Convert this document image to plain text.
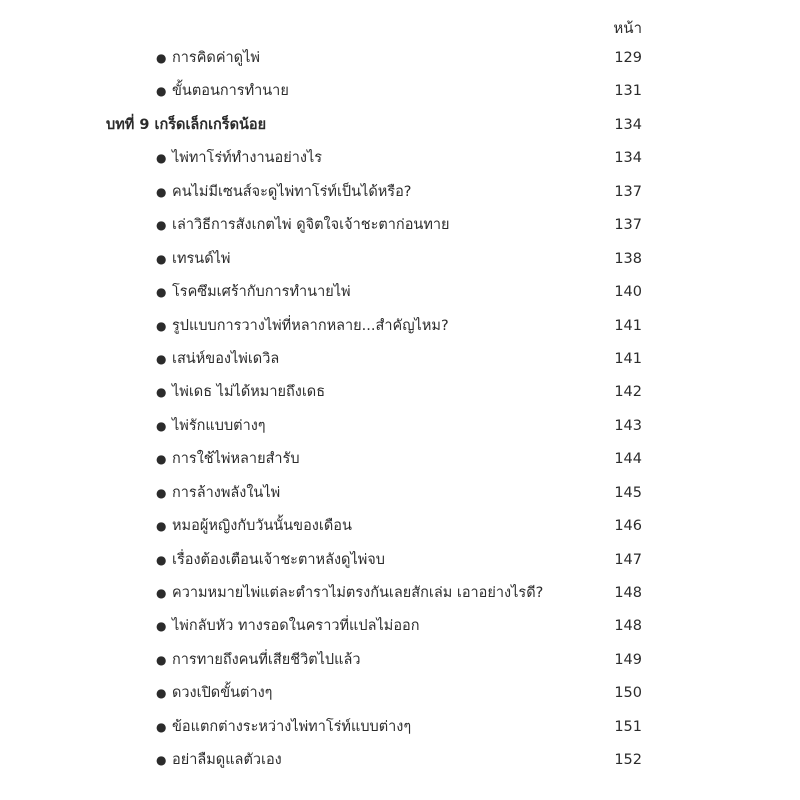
หน้า
● การคิดค่าดูไพ่	129
● ขั้นตอนการทำนาย	131
บทที่ 9 เกร็ดเล็กเกร็ดน้อย	134
● ไพ่ทาโร่ท์ทำงานอย่างไร	134
● คนไม่มีเซนส์จะดูไพ่ทาโร่ท์เป็นได้หรือ?	137
● เล่าวิธีการสังเกตไพ่ ดูจิตใจเจ้าชะตาก่อนทาย	137
● เทรนด์ไพ่	138
● โรคซึมเศร้ากับการทำนายไพ่	140
● รูปแบบการวางไพ่ที่หลากหลาย...สำคัญไหม?	141
● เสน่ห์ของไพ่เดวิล	141
● ไพ่เดธ ไม่ได้หมายถึงเดธ	142
● ไพ่รักแบบต่างๆ	143
● การใช้ไพ่หลายสำรับ	144
● การล้างพลังในไพ่	145
● หมอผู้หญิงกับวันนั้นของเดือน	146
● เรื่องต้องเตือนเจ้าชะตาหลังดูไพ่จบ	147
● ความหมายไพ่แต่ละตำราไม่ตรงกันเลยสักเล่ม เอาอย่างไรดี?	148
● ไพ่กลับหัว ทางรอดในคราวที่แปลไม่ออก	148
● การทายถึงคนที่เสียชีวิตไปแล้ว	149
● ดวงเปิดขั้นต่างๆ	150
● ข้อแตกต่างระหว่างไพ่ทาโร่ท์แบบต่างๆ	151
● อย่าลืมดูแลตัวเอง	152
